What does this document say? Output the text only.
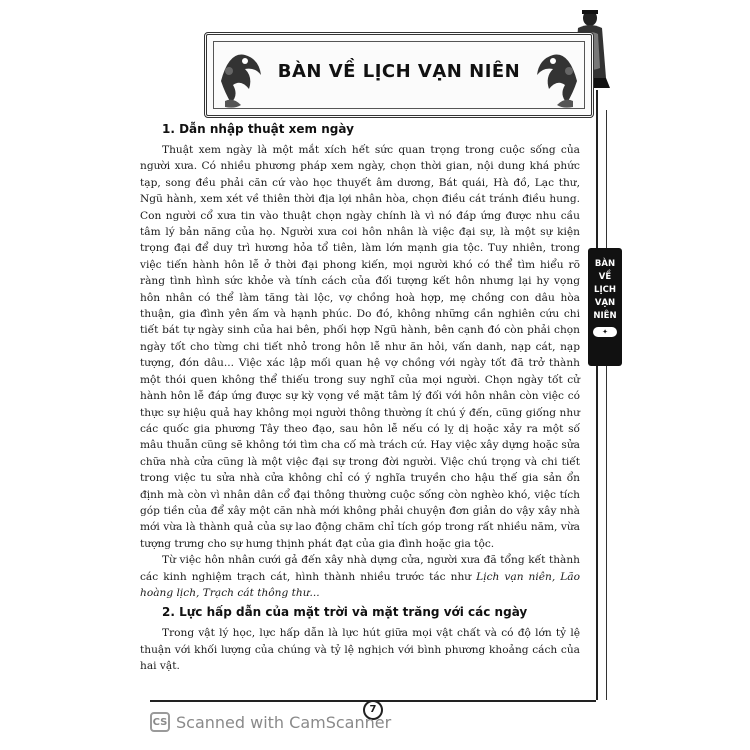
BÀN VỀ LỊCH VẠN NIÊN
BÀN
VỀ
LỊCH
VẠN
NIÊN
✦
1. Dẫn nhập thuật xem ngày

Thuật xem ngày là một mắt xích hết sức quan trọng trong cuộc sống của người xưa. Có nhiều phương pháp xem ngày, chọn thời gian, nội dung khá phức tạp, song đều phải căn cứ vào học thuyết âm dương, Bát quái, Hà đồ, Lạc thư, Ngũ hành, xem xét về thiên thời địa lợi nhân hòa, chọn điều cát tránh điều hung. Con người cổ xưa tin vào thuật chọn ngày chính là vì nó đáp ứng được nhu cầu tâm lý bản năng của họ. Người xưa coi hôn nhân là việc đại sự, là một sự kiện trọng đại để duy trì hương hỏa tổ tiên, làm lớn mạnh gia tộc. Tuy nhiên, trong việc tiến hành hôn lễ ở thời đại phong kiến, mọi người khó có thể tìm hiểu rõ ràng tình hình sức khỏe và tính cách của đối tượng kết hôn nhưng lại hy vọng hôn nhân có thể làm tăng tài lộc, vợ chồng hoà hợp, mẹ chồng con dâu hòa thuận, gia đình yên ấm và hạnh phúc. Do đó, không những cần nghiên cứu chi tiết bát tự ngày sinh của hai bên, phối hợp Ngũ hành, bên cạnh đó còn phải chọn ngày tốt cho từng chi tiết nhỏ trong hôn lễ như ăn hỏi, vấn danh, nạp cát, nạp tượng, đón dâu... Việc xác lập mối quan hệ vợ chồng với ngày tốt đã trở thành một thói quen không thể thiếu trong suy nghĩ của mọi người. Chọn ngày tốt cử hành hôn lễ đáp ứng được sự kỳ vọng về mặt tâm lý đối với hôn nhân còn việc có thực sự hiệu quả hay không mọi người thông thường ít chú ý đến, cũng giống như các quốc gia phương Tây theo đạo, sau hôn lễ nếu có lỵ dị hoặc xảy ra một số mâu thuẫn cũng sẽ không tới tìm cha cố mà trách cứ. Hay việc xây dựng hoặc sửa chữa nhà cửa cũng là một việc đại sự trong đời người. Việc chú trọng và chi tiết trong việc tu sửa nhà cửa không chỉ có ý nghĩa truyền cho hậu thế gia sản ổn định mà còn vì nhân dân cổ đại thông thường cuộc sống còn nghèo khó, việc tích góp tiền của để xây một căn nhà mới không phải chuyện đơn giản do vậy xây nhà mới vừa là thành quả của sự lao động chăm chỉ tích góp trong rất nhiều năm, vừa tượng trưng cho sự hưng thịnh phát đạt của gia đình hoặc gia tộc.

Từ việc hôn nhân cưới gả đến xây nhà dựng cửa, người xưa đã tổng kết thành các kinh nghiệm trạch cát, hình thành nhiều trước tác như Lịch vạn niên, Lão hoàng lịch, Trạch cát thông thư...

2. Lực hấp dẫn của mặt trời và mặt trăng với các ngày

Trong vật lý học, lực hấp dẫn là lực hút giữa mọi vật chất và có độ lớn tỷ lệ thuận với khối lượng của chúng và tỷ lệ nghịch với bình phương khoảng cách của hai vật.

7
CS Scanned with CamScanner
